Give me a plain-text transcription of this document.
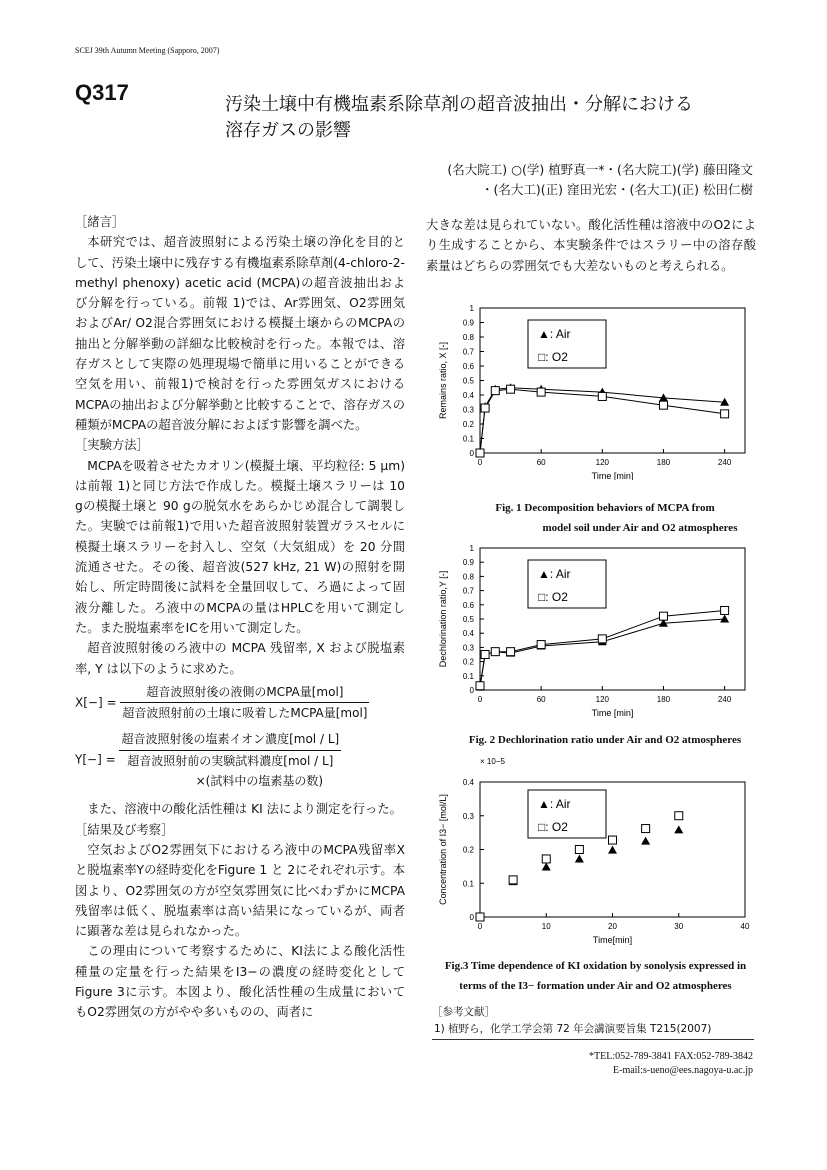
SCEJ 39th Autumn Meeting (Sapporo, 2007)
Q317	汚染土壌中有機塩素系除草剤の超音波抽出・分解における
溶存ガスの影響
(名大院工) ○(学) 植野真一*・(名大院工)(学) 藤田隆文
・(名大工)(正) 窪田光宏・(名大工)(正) 松田仁樹

［緒言］

本研究では、超音波照射による汚染土壌の浄化を目的として、汚染土壌中に残存する有機塩素系除草剤(4-chloro-2-methyl phenoxy) acetic acid (MCPA)の超音波抽出および分解を行っている。前報 1)では、Ar雰囲気、O2雰囲気およびAr/ O2混合雰囲気における模擬土壌からのMCPAの抽出と分解挙動の詳細な比較検討を行った。本報では、溶存ガスとして実際の処理現場で簡単に用いることができる空気を用い、前報1)で検討を行った雰囲気ガスにおけるMCPAの抽出および分解挙動と比較することで、溶存ガスの種類がMCPAの超音波分解におよぼす影響を調べた。

［実験方法］

MCPAを吸着させたカオリン(模擬土壌、平均粒径: 5 µm)は前報 1)と同じ方法で作成した。模擬土壌スラリーは 10 gの模擬土壌と 90 gの脱気水をあらかじめ混合して調製した。実験では前報1)で用いた超音波照射装置ガラスセルに模擬土壌スラリーを封入し、空気（大気組成）を 20 分間流通させた。その後、超音波(527 kHz, 21 W)の照射を開始し、所定時間後に試料を全量回収して、ろ過によって固液分離した。ろ液中のMCPAの量はHPLCを用いて測定した。また脱塩素率をICを用いて測定した。

超音波照射後のろ液中の MCPA 残留率, X および脱塩素率, Y は以下のように求めた。

$X[-] = \frac{\text{超音波照射後の液側のMCPA量[mol]}}{\text{超音波照射前の土壌に吸着したMCPA量[mol]}}$
Y[−] =
超音波照射後の塩素イオン濃度[mol / L]
超音波照射前の実験試料濃度[mol / L]
×(試料中の塩素基の数)

また、溶液中の酸化活性種は KI 法により測定を行った。

［結果及び考察］

空気およびO2雰囲気下におけるろ液中のMCPA残留率Xと脱塩素率Yの経時変化をFigure 1 と 2にそれぞれ示す。本図より、O2雰囲気の方が空気雰囲気に比べわずかにMCPA残留率は低く、脱塩素率は高い結果になっているが、両者に顕著な差は見られなかった。

この理由について考察するために、KI法による酸化活性種量の定量を行った結果をI3−の濃度の経時変化としてFigure 3に示す。本図より、酸化活性種の生成量においてもO2雰囲気の方がやや多いものの、両者に

大きな差は見られていない。酸化活性種は溶液中のO2により生成することから、本実験条件ではスラリー中の溶存酸素量はどちらの雰囲気でも大差ないものと考えられる。

0
0.1
0.2
0.3
0.4
0.5
0.6
0.7
0.8
0.9
1
0	60	120	180	240
Time [min]
Remains ratio, X [-]
▲: Air
□: O2
Fig. 1 Decomposition behaviors of MCPA from
model soil under Air and O2 atmospheres
0
0.1
0.2
0.3
0.4
0.5
0.6
0.7
0.8
0.9
1
0	60	120	180	240
Time [min]
Dechlorination ratio,Y [-]	▲: Air
□: O2
Fig. 2 Dechlorination ratio under Air and O2 atmospheres
0
0.1
0.2
0.3
0.4
0	10	20	30	40
Time[min]
Concentration of I3− [mol/L]
× 10−5
▲: Air
□: O2
Fig.3 Time dependence of KI oxidation by sonolysis expressed in
terms of the I3− formation under Air and O2 atmospheres
［参考文献］
1) 植野ら，化学工学会第 72 年会講演要旨集 T215(2007)
*TEL:052-789-3841 FAX:052-789-3842
E-mail:s-ueno@ees.nagoya-u.ac.jp
